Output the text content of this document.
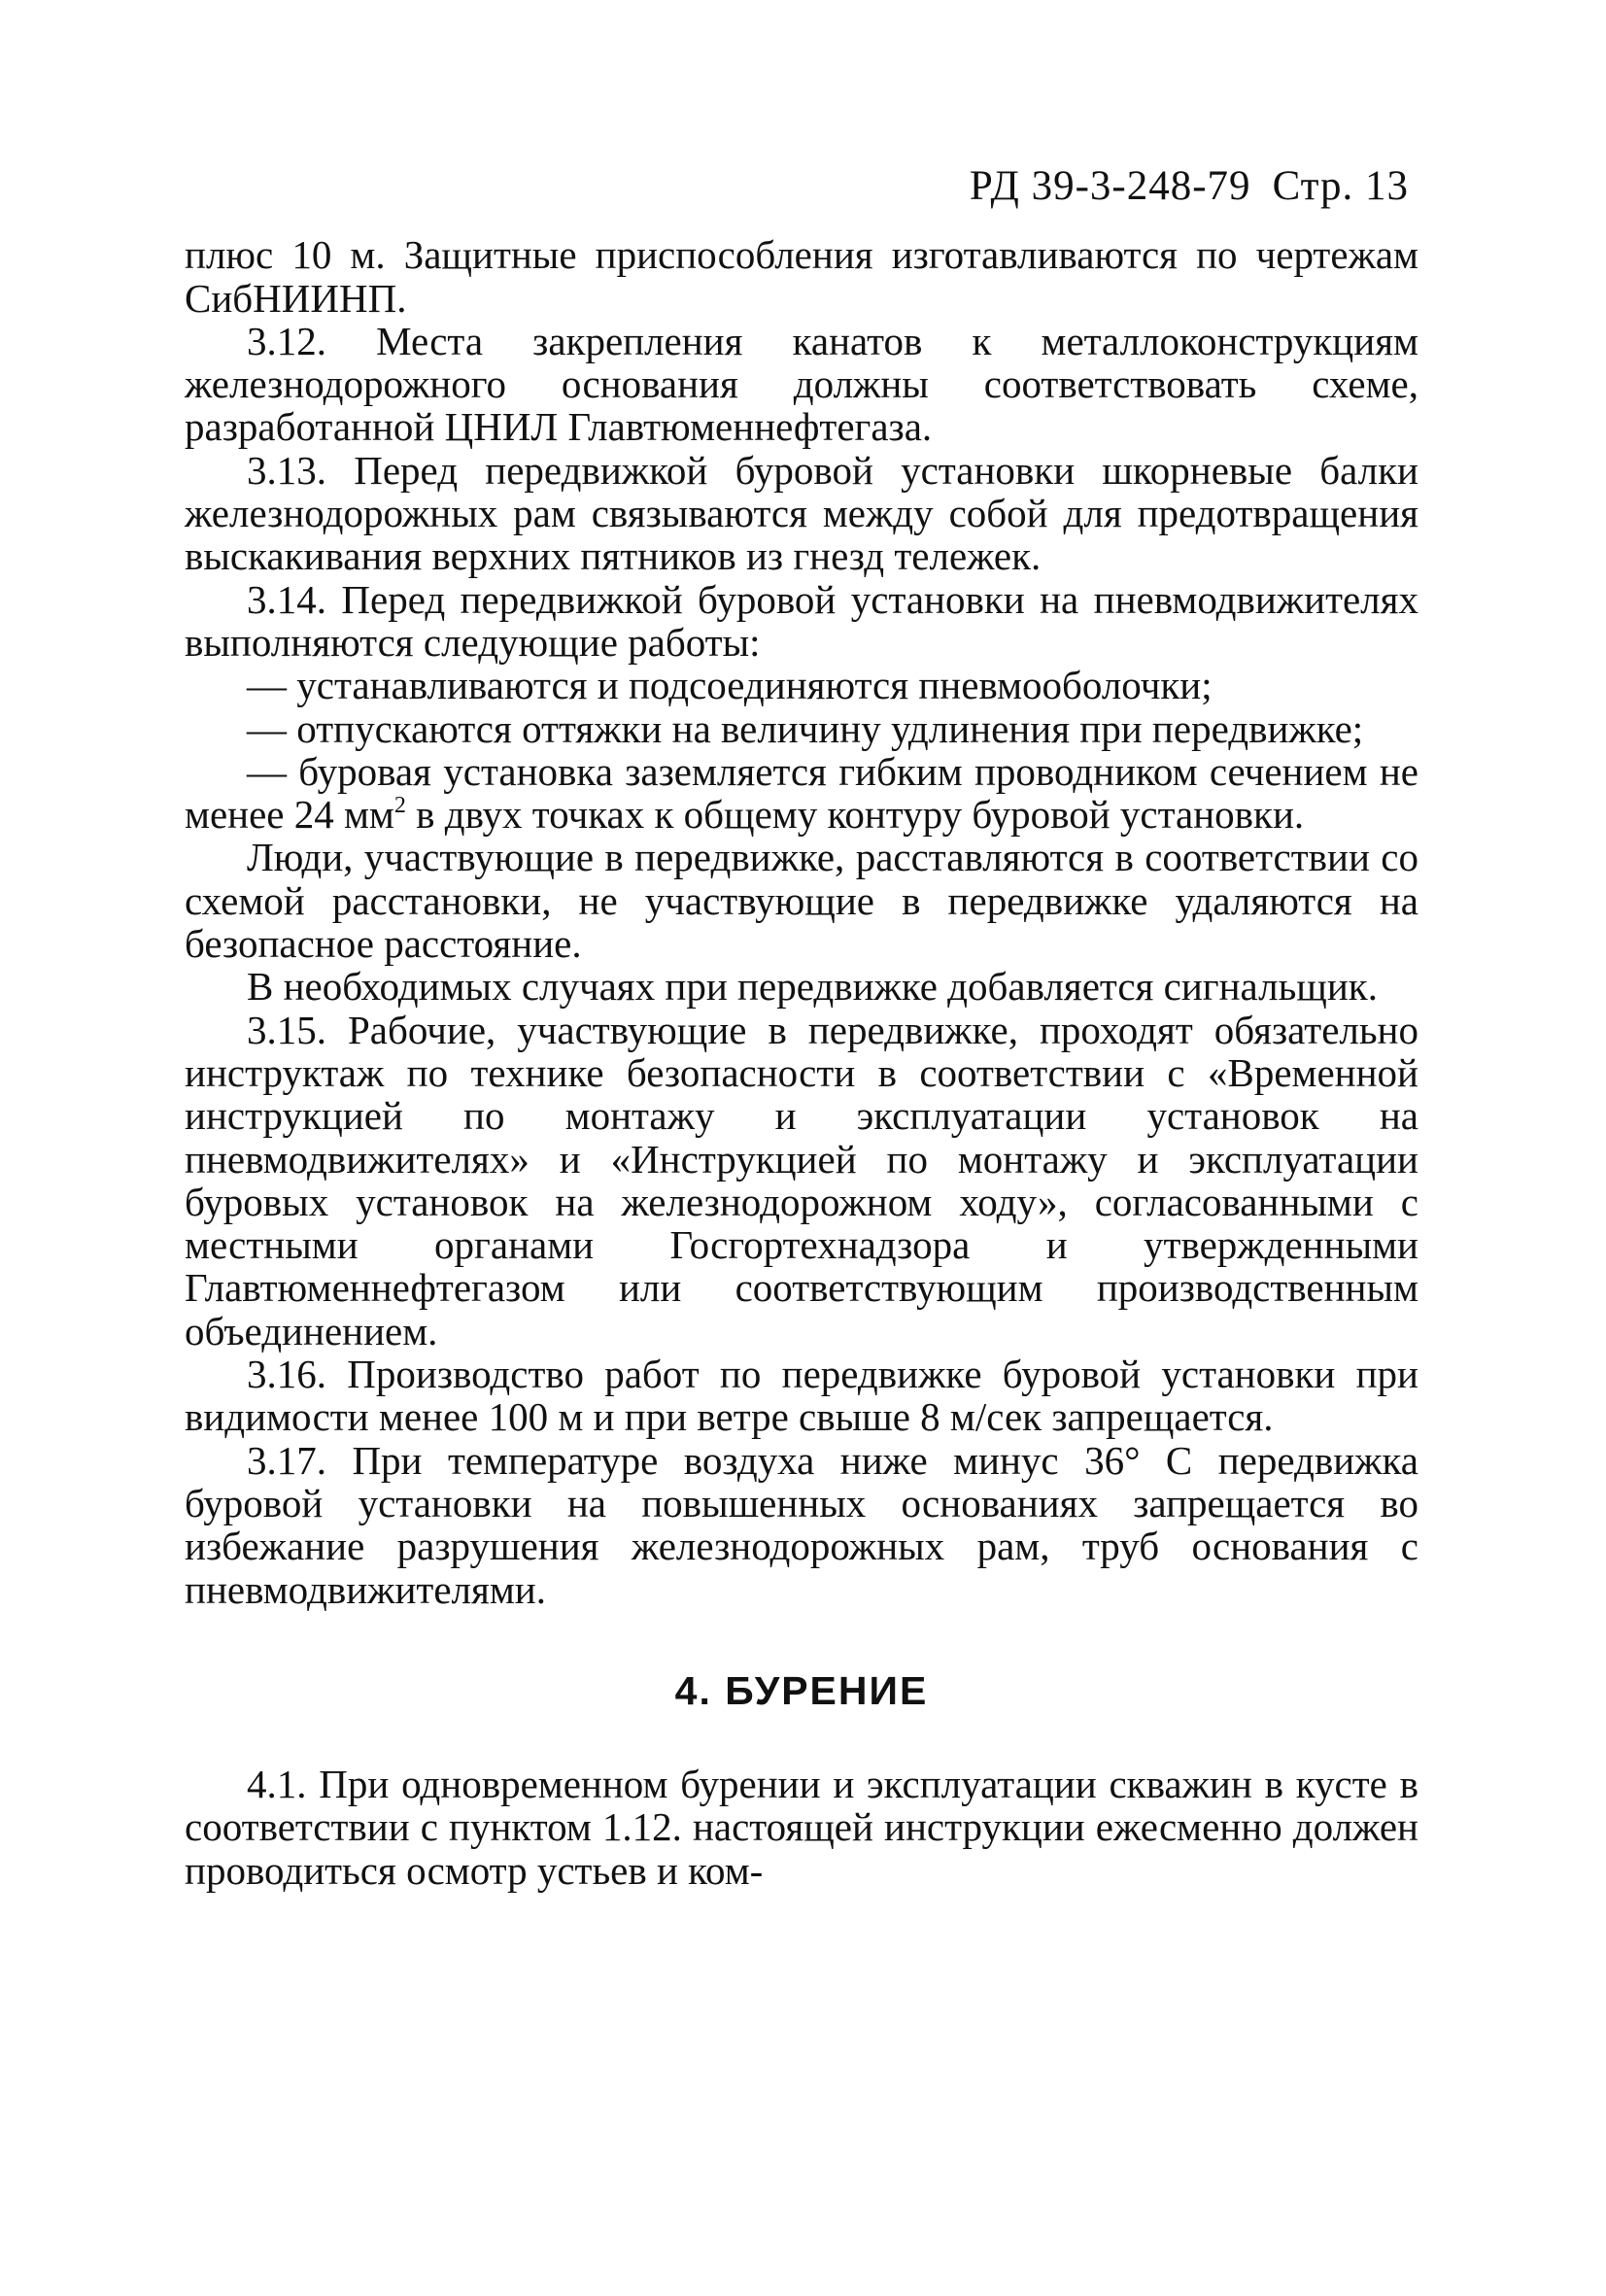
РД 39-3-248-79 Стр. 13

плюс 10 м. Защитные приспособления изготавливаются по чертежам СибНИИНП.

3.12. Места закрепления канатов к металлоконструкциям железнодорожного основания должны соответствовать схеме, разработанной ЦНИЛ Главтюменнефтегаза.

3.13. Перед передвижкой буровой установки шкорневые балки железнодорожных рам связываются между собой для предотвращения выскакивания верхних пятников из гнезд тележек.

3.14. Перед передвижкой буровой установки на пневмодвижителях выполняются следующие работы:

— устанавливаются и подсоединяются пневмооболочки;

— отпускаются оттяжки на величину удлинения при передвижке;

— буровая установка заземляется гибким проводником сечением не менее 24 $мм^2$ в двух точках к общему контуру буровой установки.

Люди, участвующие в передвижке, расставляются в соответствии со схемой расстановки, не участвующие в передвижке удаляются на безопасное расстояние.

В необходимых случаях при передвижке добавляется сигнальщик.

3.15. Рабочие, участвующие в передвижке, проходят обязательно инструктаж по технике безопасности в соответствии с «Временной инструкцией по монтажу и эксплуатации установок на пневмодвижителях» и «Инструкцией по монтажу и эксплуатации буровых установок на железнодорожном ходу», согласованными с местными органами Госгортехнадзора и утвержденными Главтюменнефтегазом или соответствующим производственным объединением.

3.16. Производство работ по передвижке буровой установки при видимости менее 100 м и при ветре свыше 8 м/сек запрещается.

3.17. При температуре воздуха ниже минус 36° С передвижка буровой установки на повышенных основаниях запрещается во избежание разрушения железнодорожных рам, труб основания с пневмодвижителями.

4. БУРЕНИЕ

4.1. При одновременном бурении и эксплуатации скважин в кусте в соответствии с пунктом 1.12. настоящей инструкции ежесменно должен проводиться осмотр устьев и ком-
